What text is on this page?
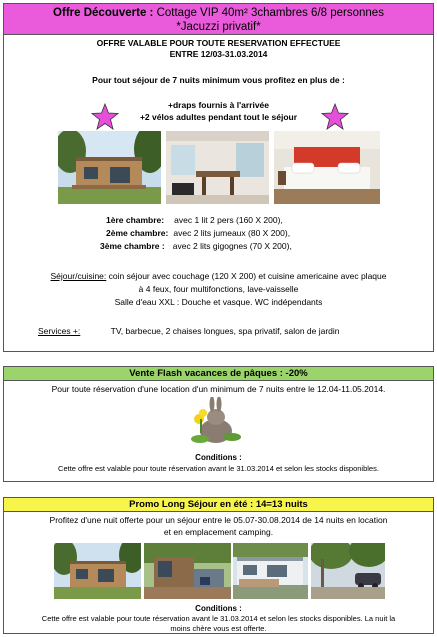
Offre Découverte : Cottage VIP 40m² 3chambres 6/8 personnes
*Jacuzzi privatif*
OFFRE VALABLE POUR TOUTE RESERVATION EFFECTUEE
ENTRE 12/03-31.03.2014
Pour tout séjour de 7 nuits minimum vous profitez en plus de :
+draps fournis à l'arrivée
+2 vélos adultes pendant tout le séjour
1ère chambre: avec 1 lit 2 pers (160 X 200),
2ème chambre: avec 2 lits jumeaux (80 X 200),
3ème chambre : avec 2 lits gigognes (70 X 200),
Séjour/cuisine: coin séjour avec couchage (120 X 200) et cuisine americaine avec plaque
à 4 feux, four multifonctions, lave-vaisselle
Salle d'eau XXL : Douche et vasque. WC indépendants
Services +:	TV, barbecue, 2 chaises longues, spa privatif, salon de jardin
Vente Flash vacances de pâques : -20%
Pour toute réservation d'une location d'un minimum de 7 nuits entre le 12.04-11.05.2014.
Conditions :
Cette offre est valable pour toute réservation avant le 31.03.2014 et selon les stocks disponibles.
Promo Long Séjour en été : 14=13 nuits
Profitez d'une nuit offerte pour un séjour entre le 05.07-30.08.2014 de 14 nuits en location
et en emplacement camping.
Conditions :
Cette offre est valable pour toute réservation avant le 31.03.2014 et selon les stocks disponibles. La nuit la
moins chère vous est offerte.
